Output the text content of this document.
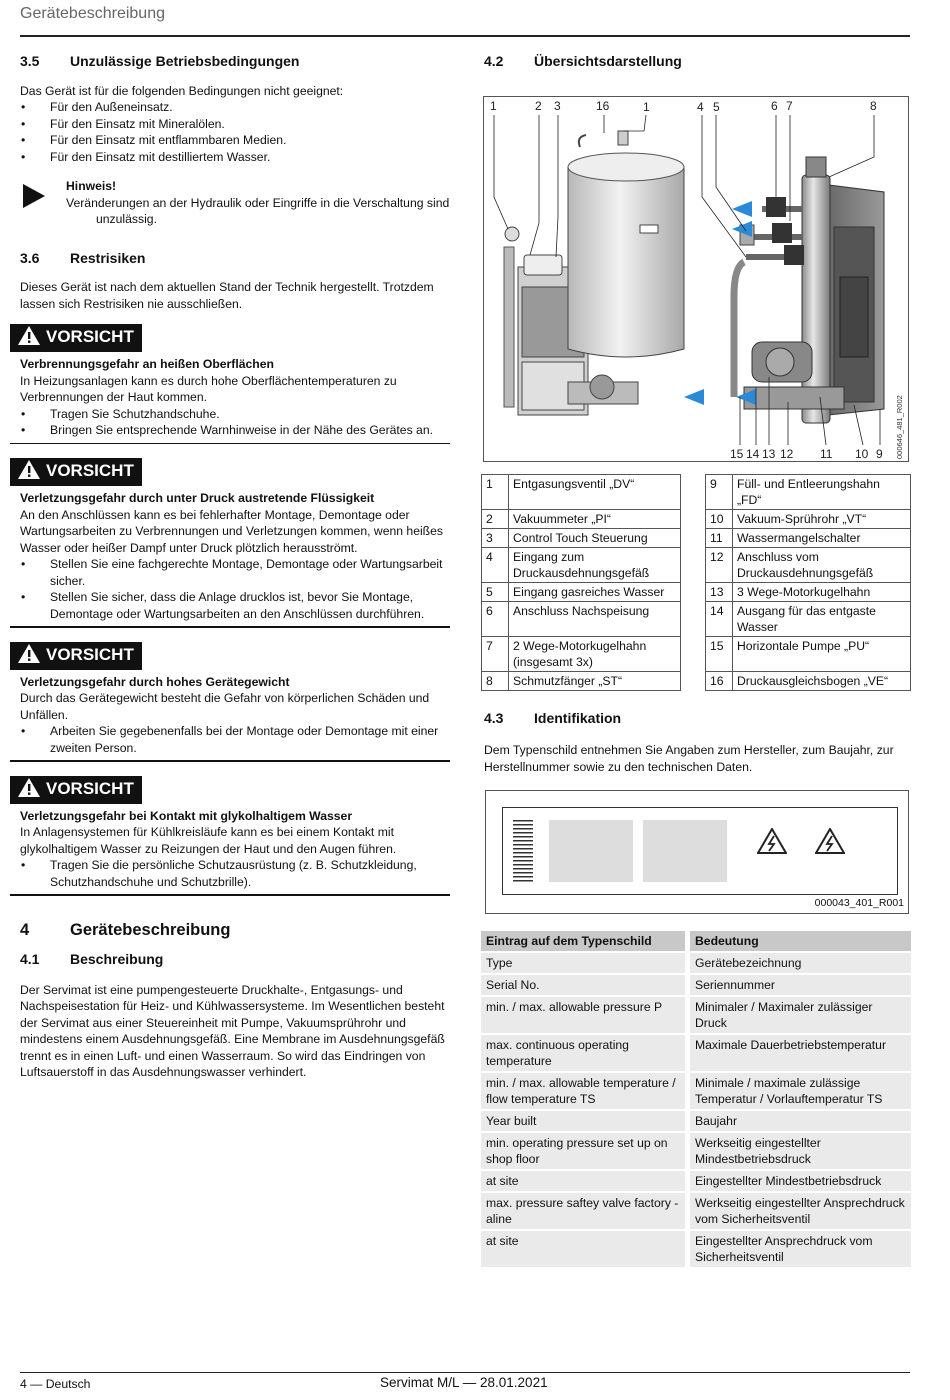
Gerätebeschreibung
3.5 Unzulässige Betriebsbedingungen

Das Gerät ist für die folgenden Bedingungen nicht geeignet:

• Für den Außeneinsatz.
• Für den Einsatz mit Mineralölen.
• Für den Einsatz mit entflammbaren Medien.
• Für den Einsatz mit destilliertem Wasser.
Hinweis!
Veränderungen an der Hydraulik oder Eingriffe in die Verschaltung sind
unzulässig.
3.6 Restrisiken

Dieses Gerät ist nach dem aktuellen Stand der Technik hergestellt. Trotzdem lassen sich Restrisiken nie ausschließen.

VORSICHT
Verbrennungsgefahr an heißen Oberflächen

In Heizungsanlagen kann es durch hohe Oberflächentemperaturen zu Verbrennungen der Haut kommen.

• Tragen Sie Schutzhandschuhe.
• Bringen Sie entsprechende Warnhinweise in der Nähe des Gerätes an.
VORSICHT
Verletzungsgefahr durch unter Druck austretende Flüssigkeit

An den Anschlüssen kann es bei fehlerhafter Montage, Demontage oder Wartungsarbeiten zu Verbrennungen und Verletzungen kommen, wenn heißes Wasser oder heißer Dampf unter Druck plötzlich herausströmt.

• Stellen Sie eine fachgerechte Montage, Demontage oder Wartungsarbeit sicher.
• Stellen Sie sicher, dass die Anlage drucklos ist, bevor Sie Montage, Demontage oder Wartungsarbeiten an den Anschlüssen durchführen.
VORSICHT
Verletzungsgefahr durch hohes Gerätegewicht

Durch das Gerätegewicht besteht die Gefahr von körperlichen Schäden und Unfällen.

• Arbeiten Sie gegebenenfalls bei der Montage oder Demontage mit einer zweiten Person.
VORSICHT
Verletzungsgefahr bei Kontakt mit glykolhaltigem Wasser

In Anlagensystemen für Kühlkreisläufe kann es bei einem Kontakt mit glykolhaltigem Wasser zu Reizungen der Haut und den Augen führen.

• Tragen Sie die persönliche Schutzausrüstung (z. B. Schutzkleidung, Schutzhandschuhe und Schutzbrille).
4 Gerätebeschreibung
4.1 Beschreibung

Der Servimat ist eine pumpengesteuerte Druckhalte-, Entgasungs- und Nachspeisestation für Heiz- und Kühlwassersysteme. Im Wesentlichen besteht der Servimat aus einer Steuereinheit mit Pumpe, Vakuumsprührohr und mindestens einem Ausdehnungsgefäß. Eine Membrane im Ausdehnungsgefäß trennt es in einen Luft- und einen Wasserraum. So wird das Eindringen von Luftsauerstoff in das Ausdehnungswasser verhindert.

4.2 Übersichtsdarstellung
1	2 3	16	1	4 5	6 7	8
15 14 13 12 11 10 9 000646_481_R002
1	Entgasungsventil „DV“
2	Vakuummeter „PI“
3	Control Touch Steuerung
4	Eingang zum Druckausdehnungsgefäß
5	Eingang gasreiches Wasser
6	Anschluss Nachspeisung
7	2 Wege-Motorkugelhahn (insgesamt 3x)
8	Schmutzfänger „ST“
9	Füll- und Entleerungshahn „FD“
10	Vakuum-Sprührohr „VT“
11	Wassermangelschalter
12	Anschluss vom Druckausdehnungsgefäß
13	3 Wege-Motorkugelhahn
14	Ausgang für das entgaste Wasser
15	Horizontale Pumpe „PU“
16	Druckausgleichsbogen „VE“
4.3 Identifikation

Dem Typenschild entnehmen Sie Angaben zum Hersteller, zum Baujahr, zur Herstellnummer sowie zu den technischen Daten.

000043_401_R001
Eintrag auf dem Typenschild	Bedeutung
Type	Gerätebezeichnung
Serial No.	Seriennummer
min. / max. allowable pressure P	Minimaler / Maximaler zulässiger Druck
max. continuous operating temperature	Maximale Dauerbetriebstemperatur
min. / max. allowable temperature / flow temperature TS	Minimale / maximale zulässige Temperatur / Vorlauftemperatur TS
Year built	Baujahr
min. operating pressure set up on shop floor	Werkseitig eingestellter Mindestbetriebsdruck
at site	Eingestellter Mindestbetriebsdruck
max. pressure saftey valve factory - aline	Werkseitig eingestellter Ansprechdruck vom Sicherheitsventil
at site	Eingestellter Ansprechdruck vom Sicherheitsventil
4 — Deutsch	Servimat M/L — 28.01.2021
